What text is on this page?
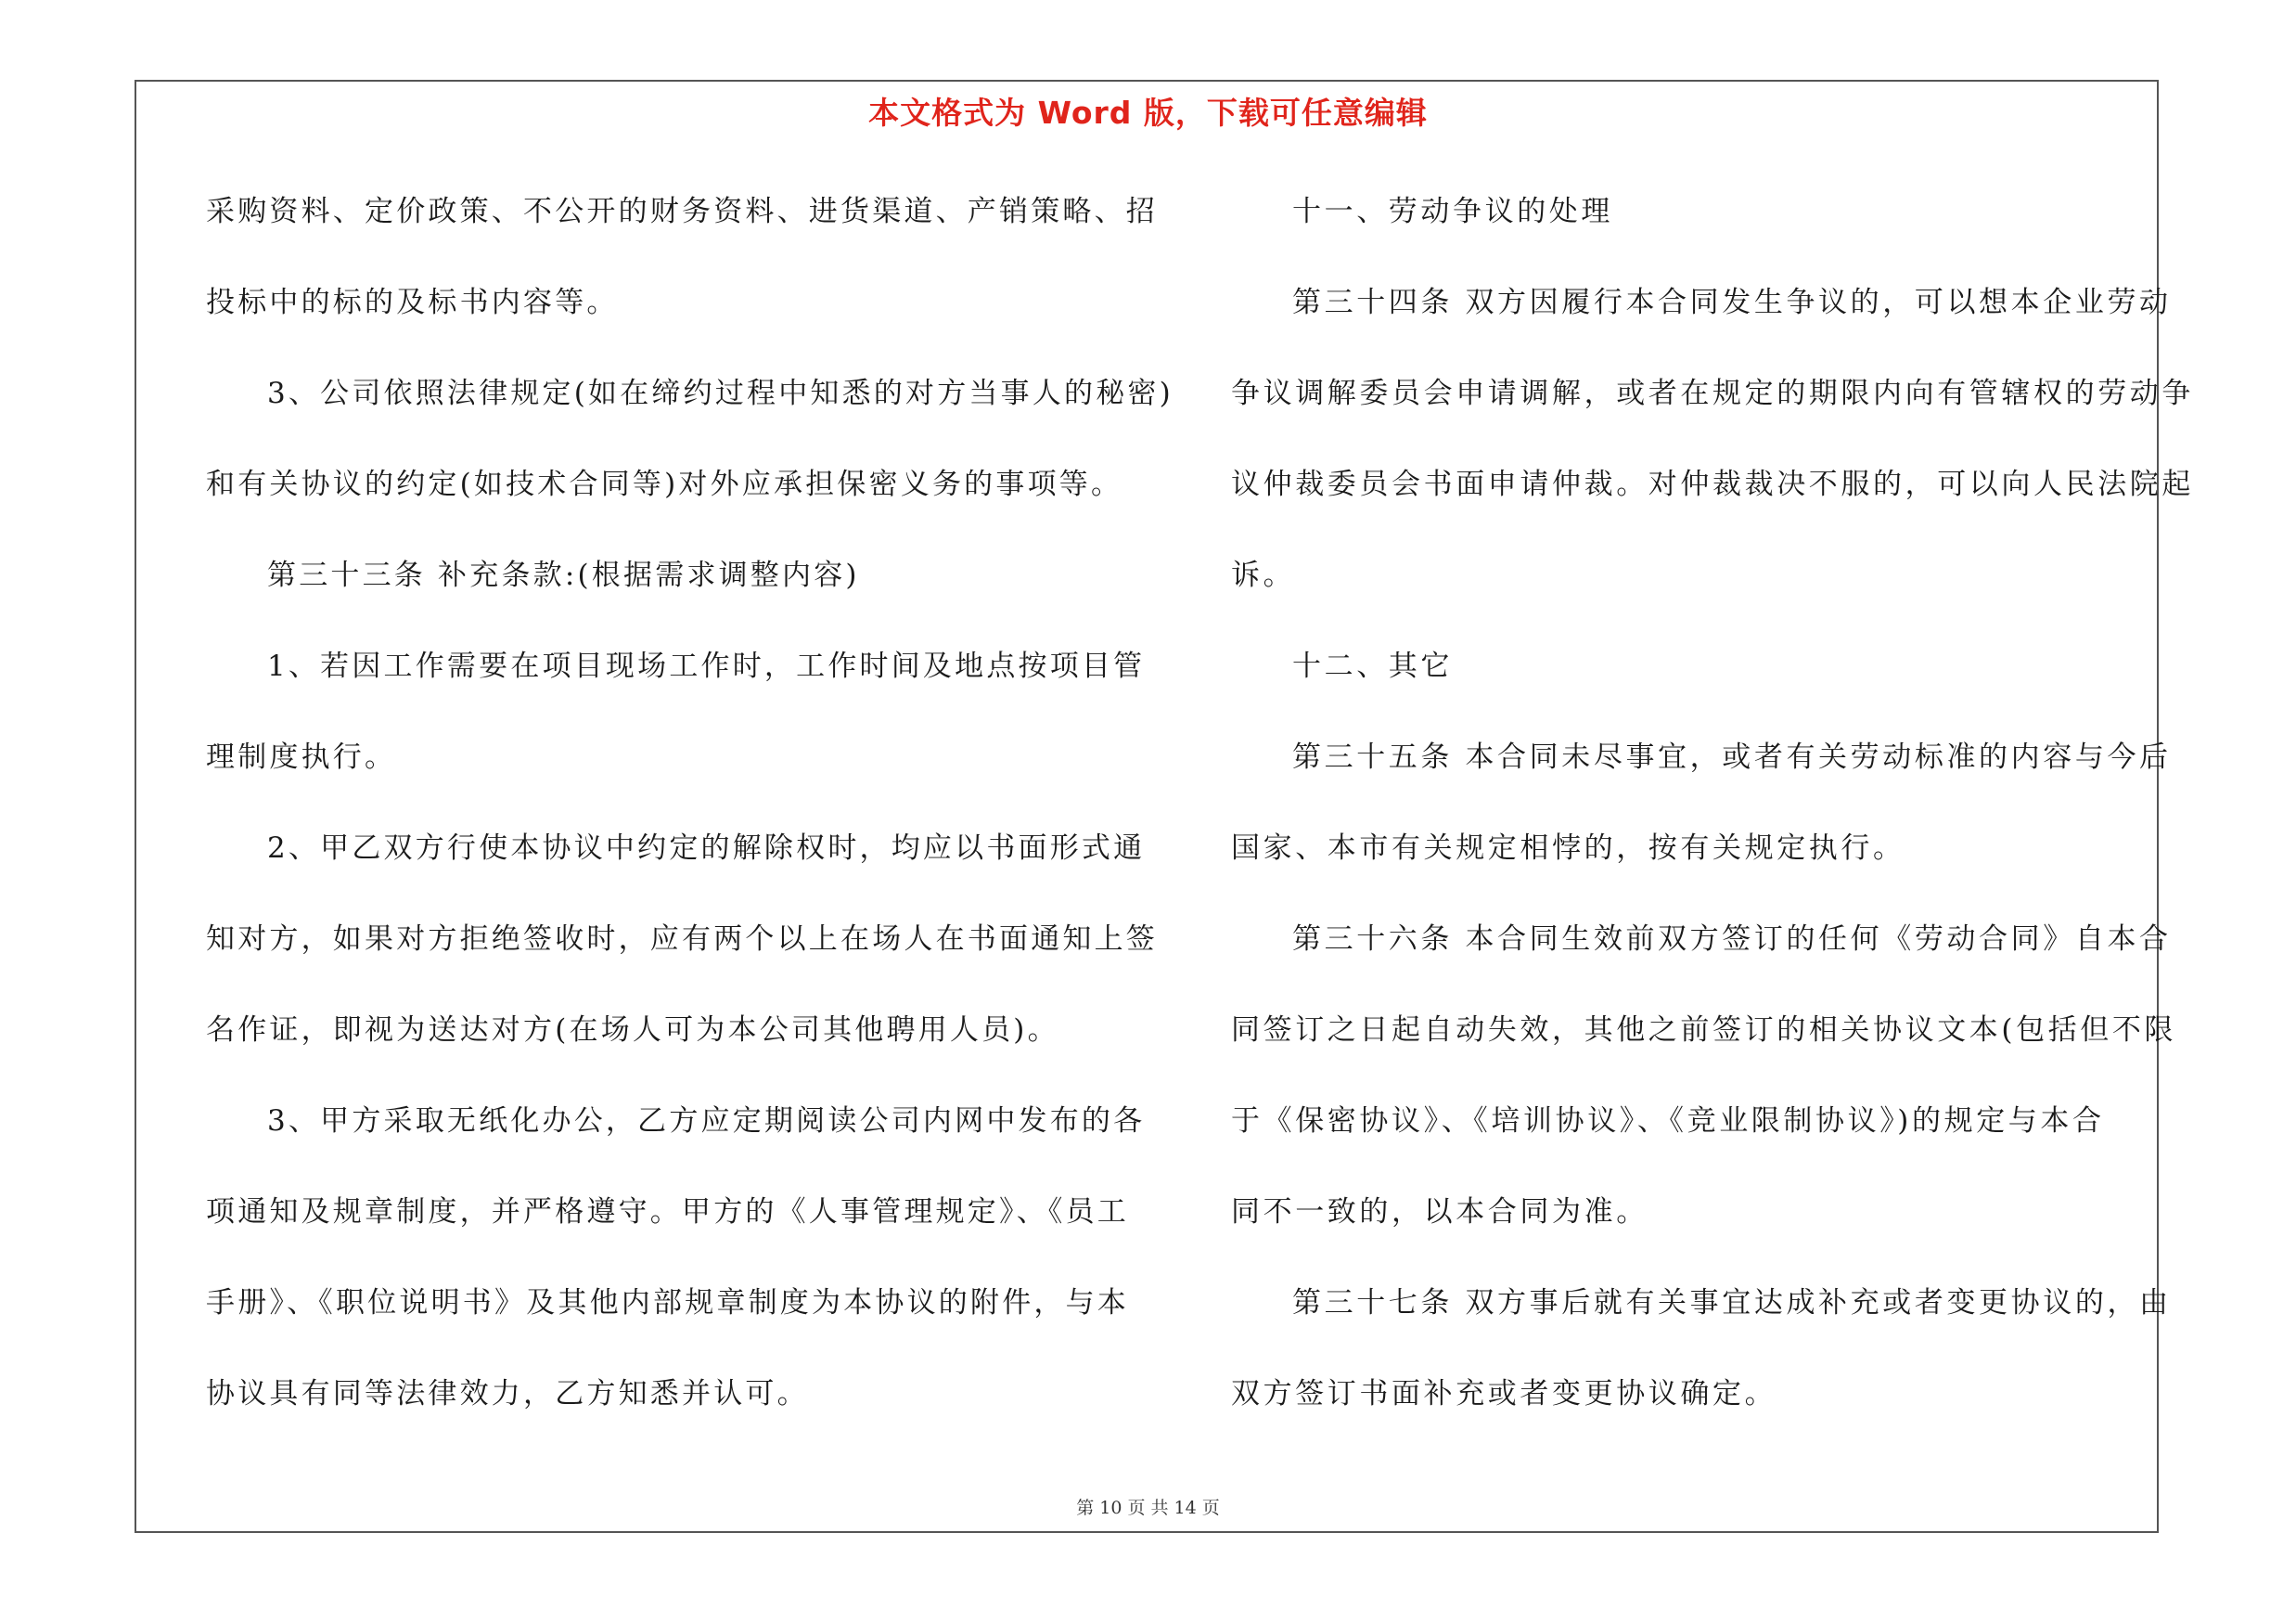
本文格式为 Word 版，下载可任意编辑
采购资料、定价政策、不公开的财务资料、进货渠道、产销策略、招
投标中的标的及标书内容等。
3、公司依照法律规定(如在缔约过程中知悉的对方当事人的秘密)
和有关协议的约定(如技术合同等)对外应承担保密义务的事项等。
第三十三条 补充条款:(根据需求调整内容)
1、若因工作需要在项目现场工作时，工作时间及地点按项目管
理制度执行。
2、甲乙双方行使本协议中约定的解除权时，均应以书面形式通
知对方，如果对方拒绝签收时，应有两个以上在场人在书面通知上签
名作证，即视为送达对方(在场人可为本公司其他聘用人员)。
3、甲方采取无纸化办公，乙方应定期阅读公司内网中发布的各
项通知及规章制度，并严格遵守。甲方的《人事管理规定》、《员工
手册》、《职位说明书》及其他内部规章制度为本协议的附件，与本
协议具有同等法律效力，乙方知悉并认可。
十一、劳动争议的处理
第三十四条 双方因履行本合同发生争议的，可以想本企业劳动
争议调解委员会申请调解，或者在规定的期限内向有管辖权的劳动争
议仲裁委员会书面申请仲裁。对仲裁裁决不服的，可以向人民法院起
诉。
十二、其它
第三十五条 本合同未尽事宜，或者有关劳动标准的内容与今后
国家、本市有关规定相悖的，按有关规定执行。
第三十六条 本合同生效前双方签订的任何《劳动合同》自本合
同签订之日起自动失效，其他之前签订的相关协议文本(包括但不限
于《保密协议》、《培训协议》、《竞业限制协议》)的规定与本合
同不一致的，以本合同为准。
第三十七条 双方事后就有关事宜达成补充或者变更协议的，由
双方签订书面补充或者变更协议确定。
第 10 页 共 14 页
